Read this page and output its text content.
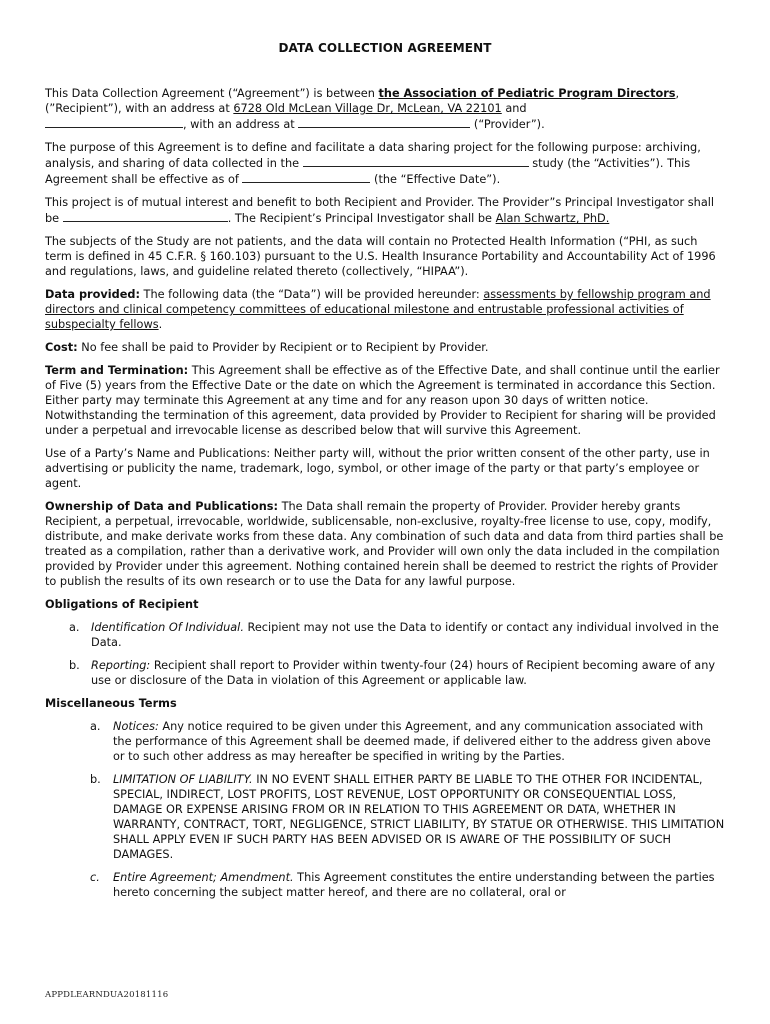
DATA COLLECTION AGREEMENT

This Data Collection Agreement (“Agreement”) is between the Association of Pediatric Program Directors, (”Recipient”), with an address at 6728 Old McLean Village Dr, McLean, VA 22101 and
, with an address at	(“Provider”).

The purpose of this Agreement is to define and facilitate a data sharing project for the following purpose: archiving, analysis, and sharing of data collected in the	study (the “Activities”). This Agreement shall be effective as of	(the “Effective Date”).

This project is of mutual interest and benefit to both Recipient and Provider. The Provider”s Principal Investigator shall be	. The Recipient’s Principal Investigator shall be Alan Schwartz, PhD.

The subjects of the Study are not patients, and the data will contain no Protected Health Information (“PHI, as such term is defined in 45 C.F.R. § 160.103) pursuant to the U.S. Health Insurance Portability and Accountability Act of 1996 and regulations, laws, and guideline related thereto (collectively, “HIPAA”).

Data provided: The following data (the “Data”) will be provided hereunder: assessments by fellowship program and directors and clinical competency committees of educational milestone and entrustable professional activities of subspecialty fellows.

Cost: No fee shall be paid to Provider by Recipient or to Recipient by Provider.

Term and Termination: This Agreement shall be effective as of the Effective Date, and shall continue until the earlier of Five (5) years from the Effective Date or the date on which the Agreement is terminated in accordance this Section. Either party may terminate this Agreement at any time and for any reason upon 30 days of written notice. Notwithstanding the termination of this agreement, data provided by Provider to Recipient for sharing will be provided under a perpetual and irrevocable license as described below that will survive this Agreement.

Use of a Party’s Name and Publications: Neither party will, without the prior written consent of the other party, use in advertising or publicity the name, trademark, logo, symbol, or other image of the party or that party’s employee or agent.

Ownership of Data and Publications: The Data shall remain the property of Provider. Provider hereby grants Recipient, a perpetual, irrevocable, worldwide, sublicensable, non-exclusive, royalty-free license to use, copy, modify, distribute, and make derivate works from these data. Any combination of such data and data from third parties shall be treated as a compilation, rather than a derivative work, and Provider will own only the data included in the compilation provided by Provider under this agreement. Nothing contained herein shall be deemed to restrict the rights of Provider to publish the results of its own research or to use the Data for any lawful purpose.

Obligations of Recipient
a. Identification Of Individual. Recipient may not use the Data to identify or contact any individual involved in the Data.
b. Reporting: Recipient shall report to Provider within twenty-four (24) hours of Recipient becoming aware of any use or disclosure of the Data in violation of this Agreement or applicable law.
Miscellaneous Terms
a. Notices: Any notice required to be given under this Agreement, and any communication associated with the performance of this Agreement shall be deemed made, if delivered either to the address given above or to such other address as may hereafter be specified in writing by the Parties.
b. LIMITATION OF LIABILITY. IN NO EVENT SHALL EITHER PARTY BE LIABLE TO THE OTHER FOR INCIDENTAL, SPECIAL, INDIRECT, LOST PROFITS, LOST REVENUE, LOST OPPORTUNITY OR CONSEQUENTIAL LOSS, DAMAGE OR EXPENSE ARISING FROM OR IN RELATION TO THIS AGREEMENT OR DATA, WHETHER IN WARRANTY, CONTRACT, TORT, NEGLIGENCE, STRICT LIABILITY, BY STATUE OR OTHERWISE. THIS LIMITATION SHALL APPLY EVEN IF SUCH PARTY HAS BEEN ADVISED OR IS AWARE OF THE POSSIBILITY OF SUCH DAMAGES.
c. Entire Agreement; Amendment. This Agreement constitutes the entire understanding between the parties hereto concerning the subject matter hereof, and there are no collateral, oral or
APPDLEARNDUA20181116
